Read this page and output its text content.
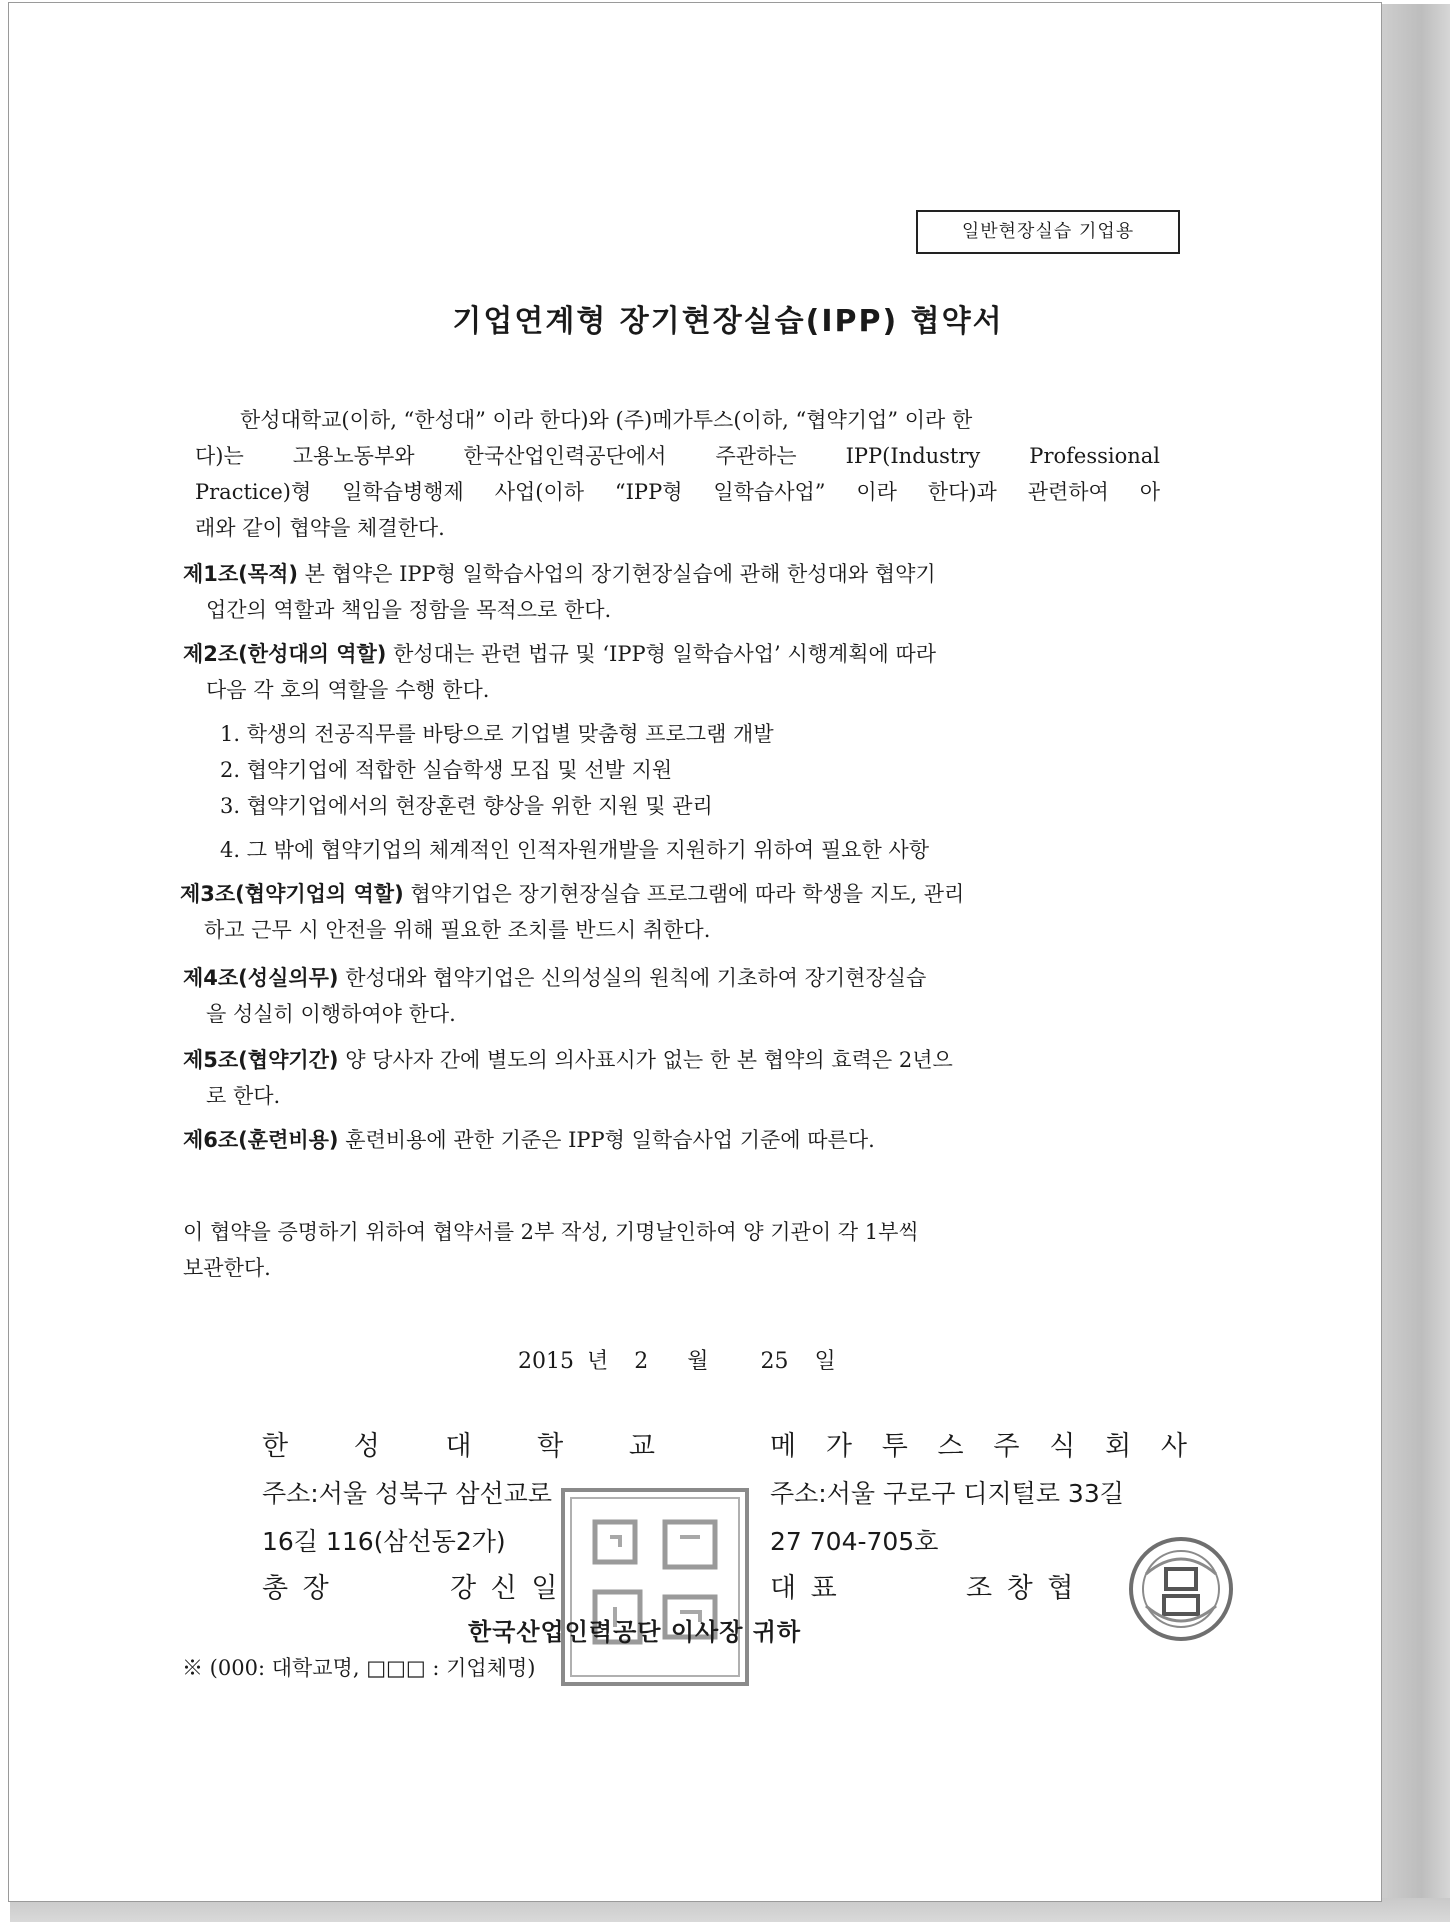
일반현장실습 기업용
기업연계형 장기현장실습(IPP) 협약서
한성대학교(이하, “한성대” 이라 한다)와 (주)메가투스(이하, “협약기업” 이라 한
다)는 고용노동부와 한국산업인력공단에서 주관하는 IPP(Industry Professional
Practice)형 일학습병행제 사업(이하 “IPP형 일학습사업” 이라 한다)과 관련하여 아
래와 같이 협약을 체결한다.
제1조(목적) 본 협약은 IPP형 일학습사업의 장기현장실습에 관해 한성대와 협약기
업간의 역할과 책임을 정함을 목적으로 한다.
제2조(한성대의 역할) 한성대는 관련 법규 및 ‘IPP형 일학습사업’ 시행계획에 따라
다음 각 호의 역할을 수행 한다.
1. 학생의 전공직무를 바탕으로 기업별 맞춤형 프로그램 개발
2. 협약기업에 적합한 실습학생 모집 및 선발 지원
3. 협약기업에서의 현장훈련 향상을 위한 지원 및 관리
4. 그 밖에 협약기업의 체계적인 인적자원개발을 지원하기 위하여 필요한 사항
제3조(협약기업의 역할) 협약기업은 장기현장실습 프로그램에 따라 학생을 지도, 관리
하고 근무 시 안전을 위해 필요한 조치를 반드시 취한다.
제4조(성실의무) 한성대와 협약기업은 신의성실의 원칙에 기초하여 장기현장실습
을 성실히 이행하여야 한다.
제5조(협약기간) 양 당사자 간에 별도의 의사표시가 없는 한 본 협약의 효력은 2년으
로 한다.
제6조(훈련비용) 훈련비용에 관한 기준은 IPP형 일학습사업 기준에 따른다.
이 협약을 증명하기 위하여 협약서를 2부 작성, 기명날인하여 양 기관이 각 1부씩
보관한다.
2015 년 2 월 25 일
한 성 대 학 교
주소:서울 성북구 삼선교로
16길 116(삼선동2가)
총 장	강 신 일
메 가 투 스 주 식 회 사
주소:서울 구로구 디지털로 33길
27 704-705호
대 표	조 창 협
한국산업인력공단 이사장 귀하
※ (000: 대학교명, □□□ : 기업체명)
